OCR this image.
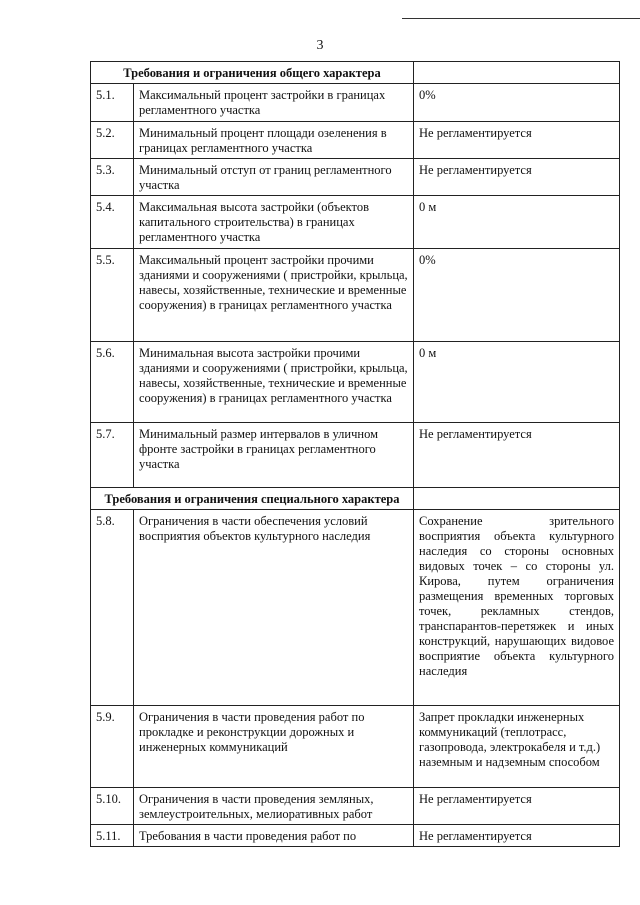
3
Требования и ограничения общего характера		
5.1.	Максимальный процент застройки в границах регламентного участка	0%
5.2.	Минимальный процент площади озеленения в границах регламентного участка	Не регламентируется
5.3.	Минимальный отступ от границ регламентного участка	Не регламентируется
5.4.	Максимальная высота застройки (объектов капитального строительства) в границах регламентного участка	0 м
5.5.	Максимальный процент застройки прочими зданиями и сооружениями ( пристройки, крыльца, навесы, хозяйственные, технические и временные сооружения) в границах регламентного участка	0%
5.6.	Минимальная высота застройки прочими зданиями и сооружениями ( пристройки, крыльца, навесы, хозяйственные, технические и временные сооружения) в границах регламентного участка	0 м
5.7.	Минимальный размер интервалов в уличном фронте застройки в границах регламентного участка	Не регламентируется
Требования и ограничения специального характера		
5.8.	Ограничения в части обеспечения условий восприятия объектов культурного наследия	Сохранение зрительного восприятия объекта культурного наследия со стороны основных видовых точек – со стороны ул. Кирова, путем ограничения размещения временных торговых точек, рекламных стендов, транспарантов-перетяжек и иных конструкций, нарушающих видовое восприятие объекта культурного наследия
5.9.	Ограничения в части проведения работ по прокладке и реконструкции дорожных и инженерных коммуникаций	Запрет прокладки инженерных коммуникаций (теплотрасс, газопровода, электрокабеля и т.д.) наземным и надземным способом
5.10.	Ограничения в части проведения земляных, землеустроительных, мелиоративных работ	Не регламентируется
5.11.	Требования в части проведения работ по	Не регламентируется
